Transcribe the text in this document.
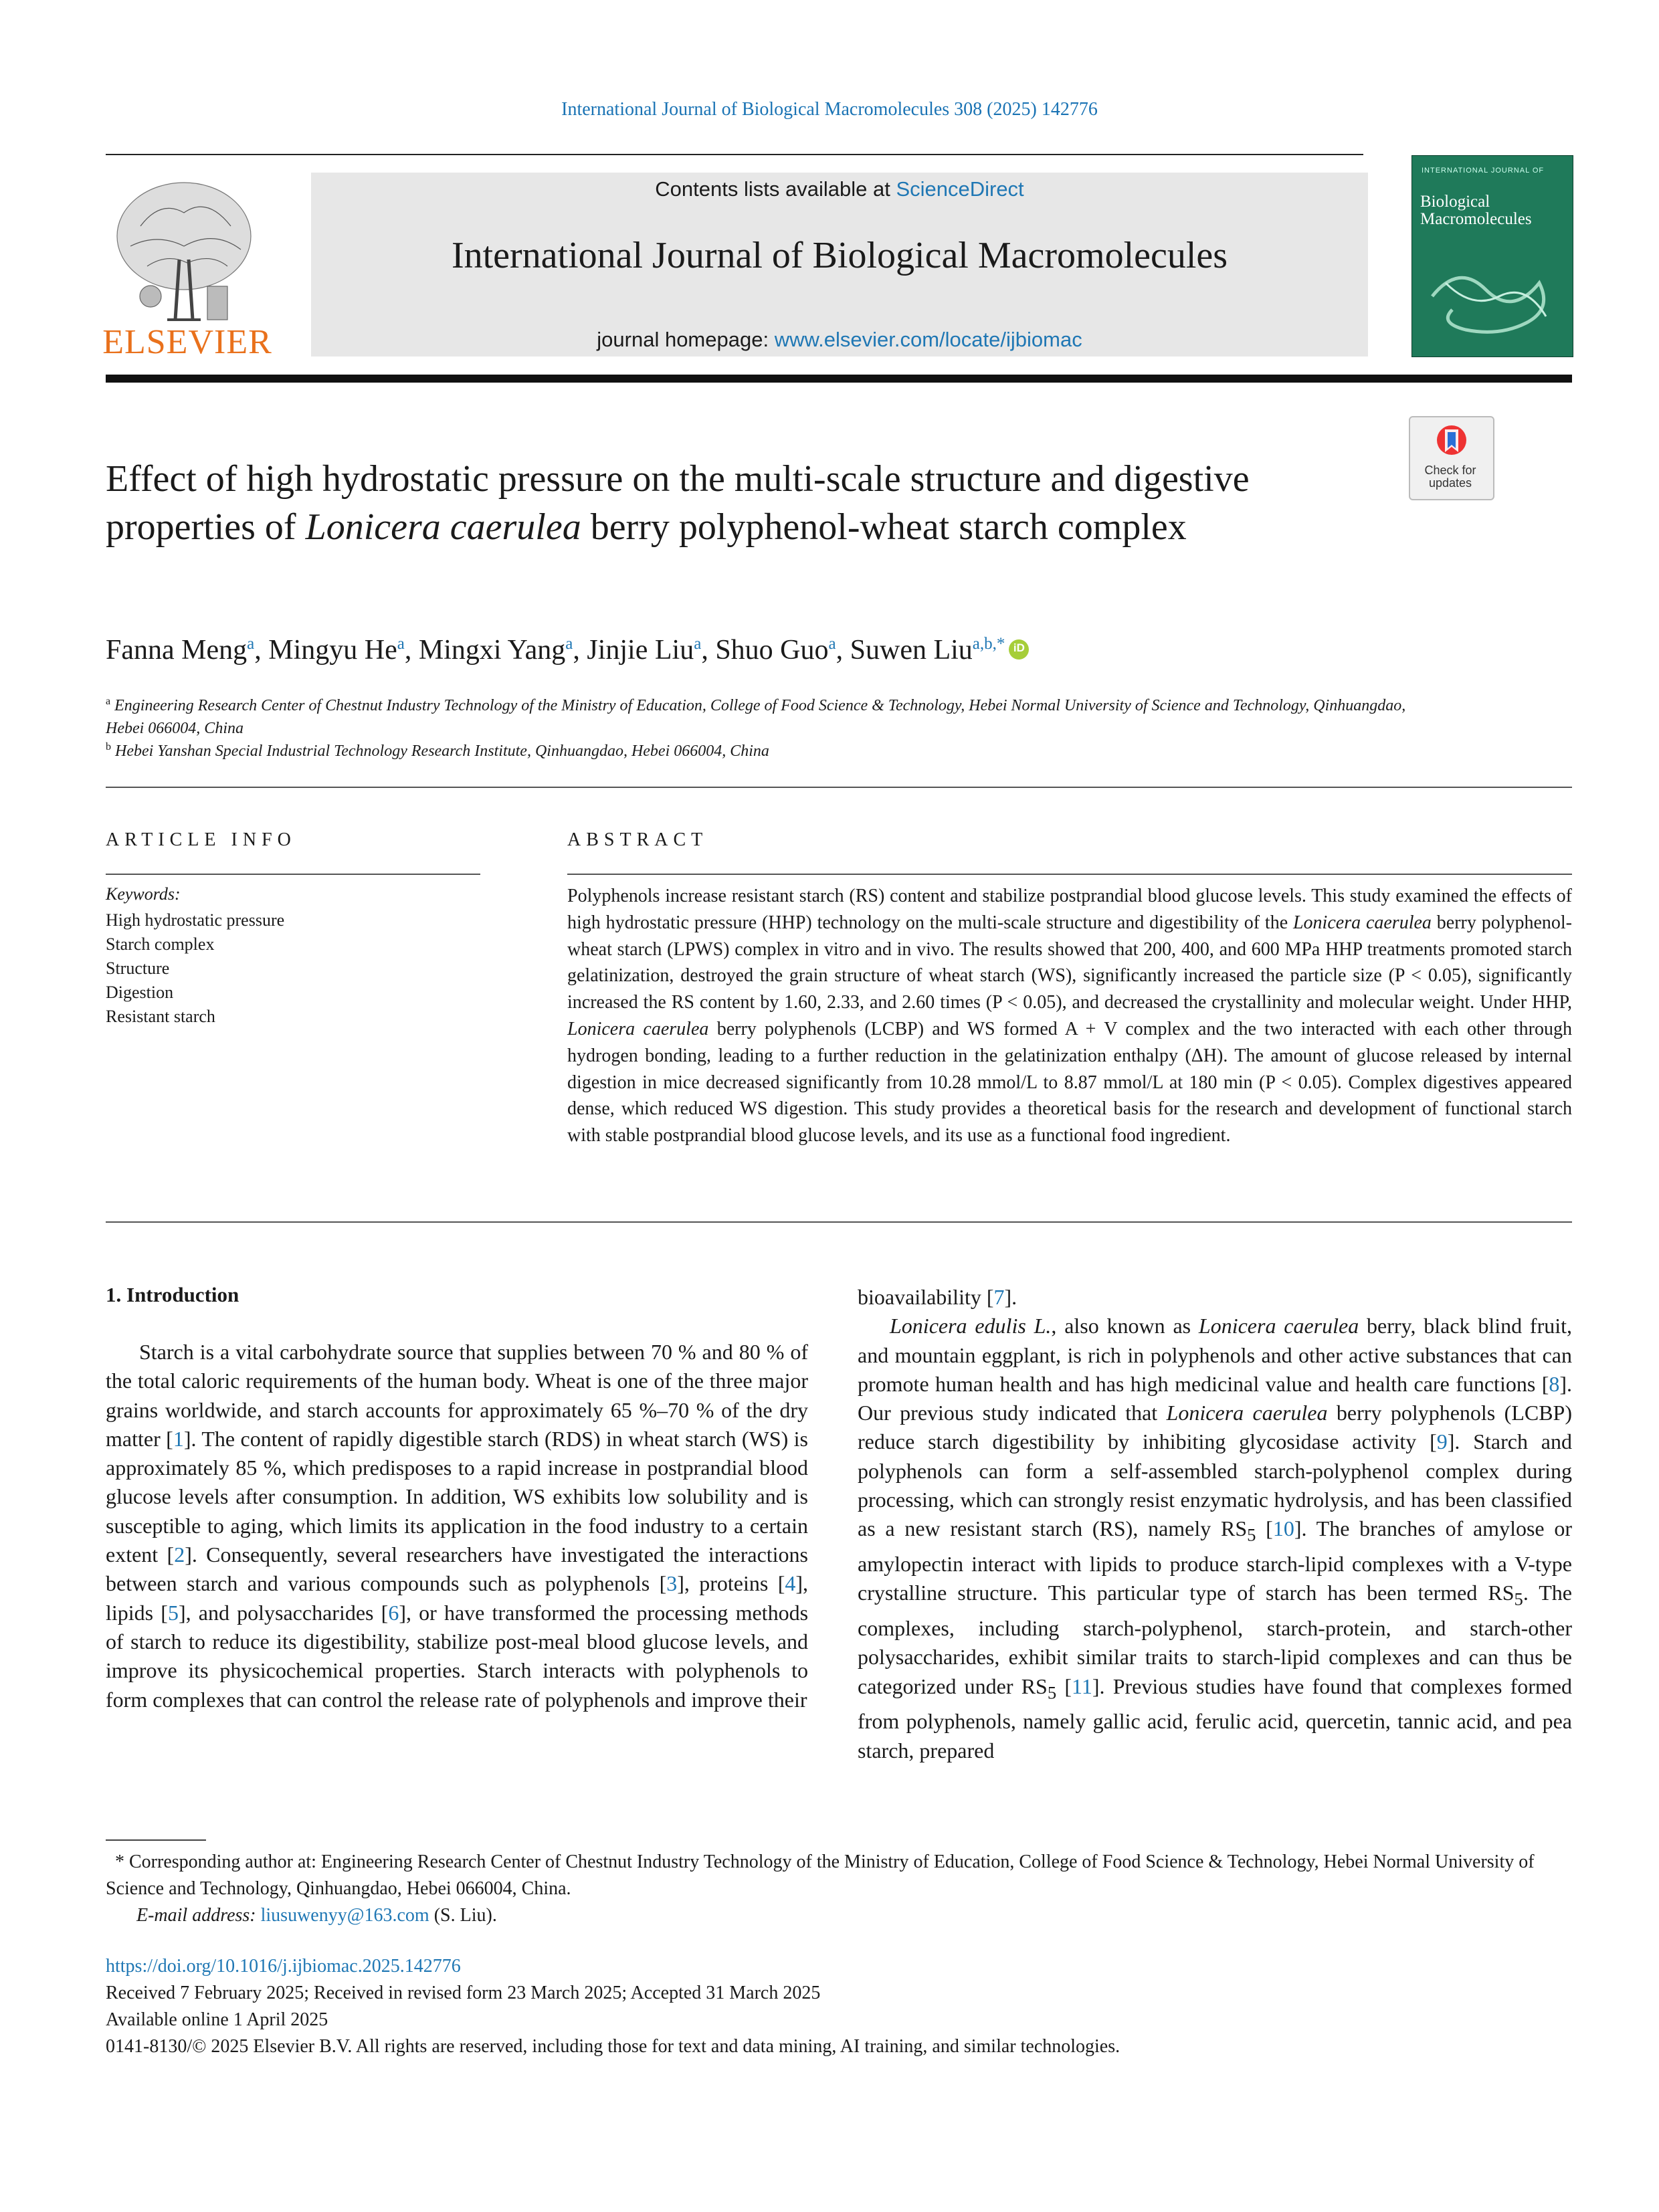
International Journal of Biological Macromolecules 308 (2025) 142776
ELSEVIER
Contents lists available at ScienceDirect
International Journal of Biological Macromolecules
journal homepage: www.elsevier.com/locate/ijbiomac
INTERNATIONAL JOURNAL OF
Biological Macromolecules
Check for updates
Effect of high hydrostatic pressure on the multi-scale structure and digestive properties of Lonicera caerulea berry polyphenol-wheat starch complex
Fanna Meng$^a$, Mingyu He$^a$, Mingxi Yang$^a$, Jinjie Liu$^a$, Shuo Guo$^a$, Suwen Liu$^{a,b,*}$ iD
$^a$ Engineering Research Center of Chestnut Industry Technology of the Ministry of Education, College of Food Science & Technology, Hebei Normal University of Science and Technology, Qinhuangdao, Hebei 066004, China
$^b$ Hebei Yanshan Special Industrial Technology Research Institute, Qinhuangdao, Hebei 066004, China
ARTICLE INFO	ABSTRACT
Keywords:
High hydrostatic pressure
Starch complex
Structure
Digestion
Resistant starch
Polyphenols increase resistant starch (RS) content and stabilize postprandial blood glucose levels. This study examined the effects of high hydrostatic pressure (HHP) technology on the multi-scale structure and digestibility of the Lonicera caerulea berry polyphenol-wheat starch (LPWS) complex in vitro and in vivo. The results showed that 200, 400, and 600 MPa HHP treatments promoted starch gelatinization, destroyed the grain structure of wheat starch (WS), significantly increased the particle size (P < 0.05), significantly increased the RS content by 1.60, 2.33, and 2.60 times (P < 0.05), and decreased the crystallinity and molecular weight. Under HHP, Lonicera caerulea berry polyphenols (LCBP) and WS formed A + V complex and the two interacted with each other through hydrogen bonding, leading to a further reduction in the gelatinization enthalpy (ΔH). The amount of glucose released by internal digestion in mice decreased significantly from 10.28 mmol/L to 8.87 mmol/L at 180 min (P < 0.05). Complex digestives appeared dense, which reduced WS digestion. This study provides a theoretical basis for the research and development of functional starch with stable postprandial blood glucose levels, and its use as a functional food ingredient.
1. Introduction

Starch is a vital carbohydrate source that supplies between 70 % and 80 % of the total caloric requirements of the human body. Wheat is one of the three major grains worldwide, and starch accounts for approximately 65 %–70 % of the dry matter [1]. The content of rapidly digestible starch (RDS) in wheat starch (WS) is approximately 85 %, which predisposes to a rapid increase in postprandial blood glucose levels after consumption. In addition, WS exhibits low solubility and is susceptible to aging, which limits its application in the food industry to a certain extent [2]. Consequently, several researchers have investigated the interactions between starch and various compounds such as polyphenols [3], proteins [4], lipids [5], and polysaccharides [6], or have transformed the processing methods of starch to reduce its digestibility, stabilize post-meal blood glucose levels, and improve its physicochemical properties. Starch interacts with polyphenols to form complexes that can control the release rate of polyphenols and improve their

bioavailability [7].

Lonicera edulis L., also known as Lonicera caerulea berry, black blind fruit, and mountain eggplant, is rich in polyphenols and other active substances that can promote human health and has high medicinal value and health care functions [8]. Our previous study indicated that Lonicera caerulea berry polyphenols (LCBP) reduce starch digestibility by inhibiting glycosidase activity [9]. Starch and polyphenols can form a self-assembled starch-polyphenol complex during processing, which can strongly resist enzymatic hydrolysis, and has been classified as a new resistant starch (RS), namely $RS_5$ [10]. The branches of amylose or amylopectin interact with lipids to produce starch-lipid complexes with a V-type crystalline structure. This particular type of starch has been termed $RS_5$. The complexes, including starch-polyphenol, starch-protein, and starch-other polysaccharides, exhibit similar traits to starch-lipid complexes and can thus be categorized under $RS_5$ [11]. Previous studies have found that complexes formed from polyphenols, namely gallic acid, ferulic acid, quercetin, tannic acid, and pea starch, prepared

* Corresponding author at: Engineering Research Center of Chestnut Industry Technology of the Ministry of Education, College of Food Science & Technology, Hebei Normal University of Science and Technology, Qinhuangdao, Hebei 066004, China.
E-mail address: liusuwenyy@163.com (S. Liu).
https://doi.org/10.1016/j.ijbiomac.2025.142776
Received 7 February 2025; Received in revised form 23 March 2025; Accepted 31 March 2025
Available online 1 April 2025
0141-8130/© 2025 Elsevier B.V. All rights are reserved, including those for text and data mining, AI training, and similar technologies.
